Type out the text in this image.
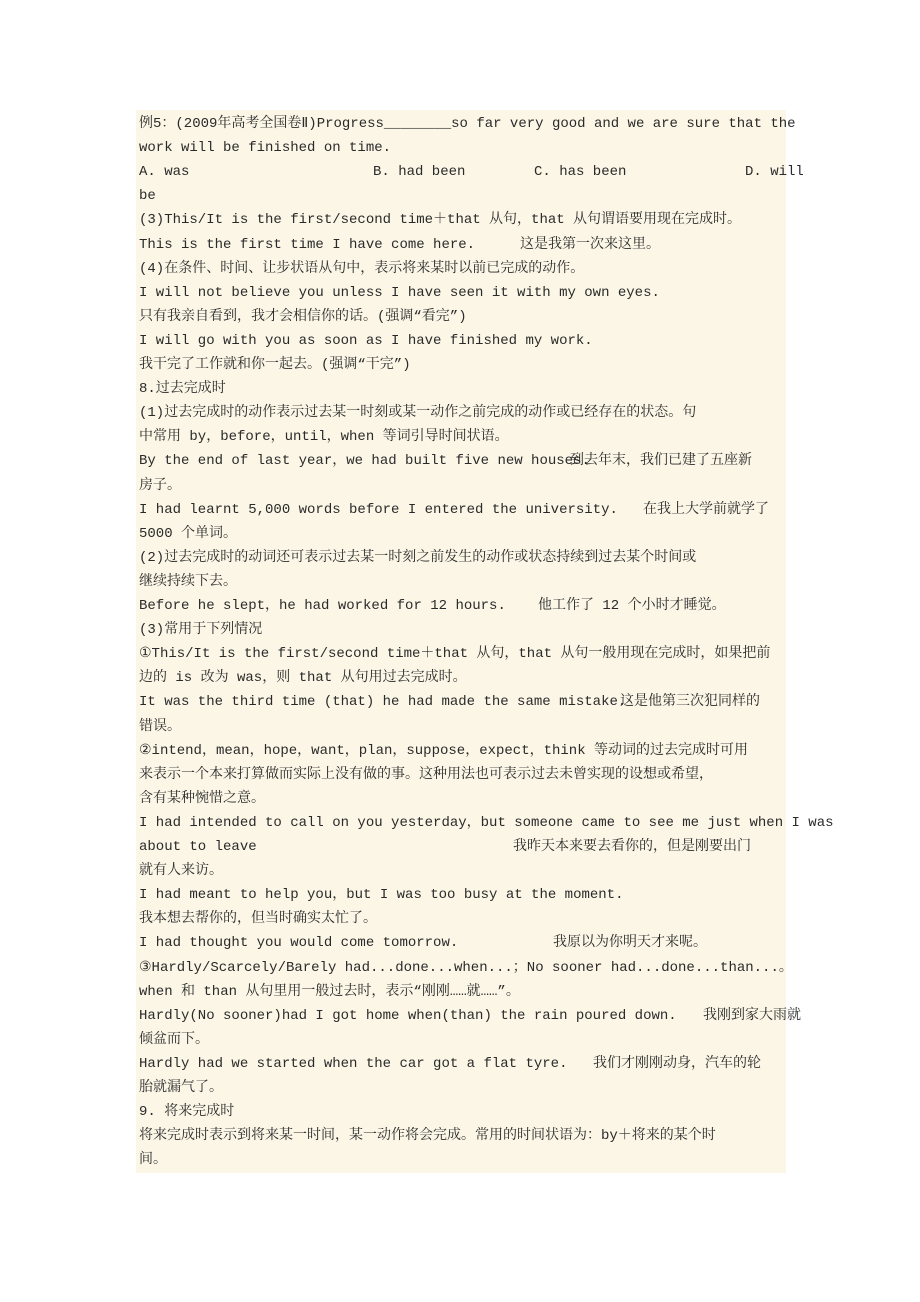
例5：(2009年高考全国卷Ⅱ)Progress________so far very good and we are sure that the
work will be finished on time.
A. was	B. had been	C. has been	D. will
be
(3)This/It is the first/second time＋that 从句，that 从句谓语要用现在完成时。
This is the first time I have come here.	这是我第一次来这里。
(4)在条件、时间、让步状语从句中，表示将来某时以前已完成的动作。
I will not believe you unless I have seen it with my own eyes.
只有我亲自看到，我才会相信你的话。(强调“看完”)
I will go with you as soon as I have finished my work.
我干完了工作就和你一起去。(强调“干完”)
8.过去完成时
(1)过去完成时的动作表示过去某一时刻或某一动作之前完成的动作或已经存在的状态。句
中常用 by，before，until，when 等词引导时间状语。
By the end of last year，we had built five new houses.
到去年末，我们已建了五座新
房子。
I had learnt 5,000 words before I entered the university. 在我上大学前就学了
5000 个单词。
(2)过去完成时的动词还可表示过去某一时刻之前发生的动作或状态持续到过去某个时间或
继续持续下去。
Before he slept，he had worked for 12 hours. 他工作了 12 个小时才睡觉。
(3)常用于下列情况
①This/It is the first/second time＋that 从句，that 从句一般用现在完成时，如果把前
边的 is 改为 was，则 that 从句用过去完成时。
It was the third time (that) he had made the same mistake.
这是他第三次犯同样的
错误。
②intend，mean，hope，want，plan，suppose，expect，think 等动词的过去完成时可用
来表示一个本来打算做而实际上没有做的事。这种用法也可表示过去未曾实现的设想或希望，
含有某种惋惜之意。
I had intended to call on you yesterday，but someone came to see me just when I was
about to leave	我昨天本来要去看你的，但是刚要出门
就有人来访。
I had meant to help you，but I was too busy at the moment.
我本想去帮你的，但当时确实太忙了。
I had thought you would come tomorrow.	我原以为你明天才来呢。
③Hardly/Scarcely/Barely had...done...when...；No sooner had...done...than...。
when 和 than 从句里用一般过去时，表示“刚刚……就……”。
Hardly(No sooner)had I got home when(than) the rain poured down. 我刚到家大雨就
倾盆而下。
Hardly had we started when the car got a flat tyre. 我们才刚刚动身，汽车的轮
胎就漏气了。
9. 将来完成时
将来完成时表示到将来某一时间，某一动作将会完成。常用的时间状语为：by＋将来的某个时
间。
